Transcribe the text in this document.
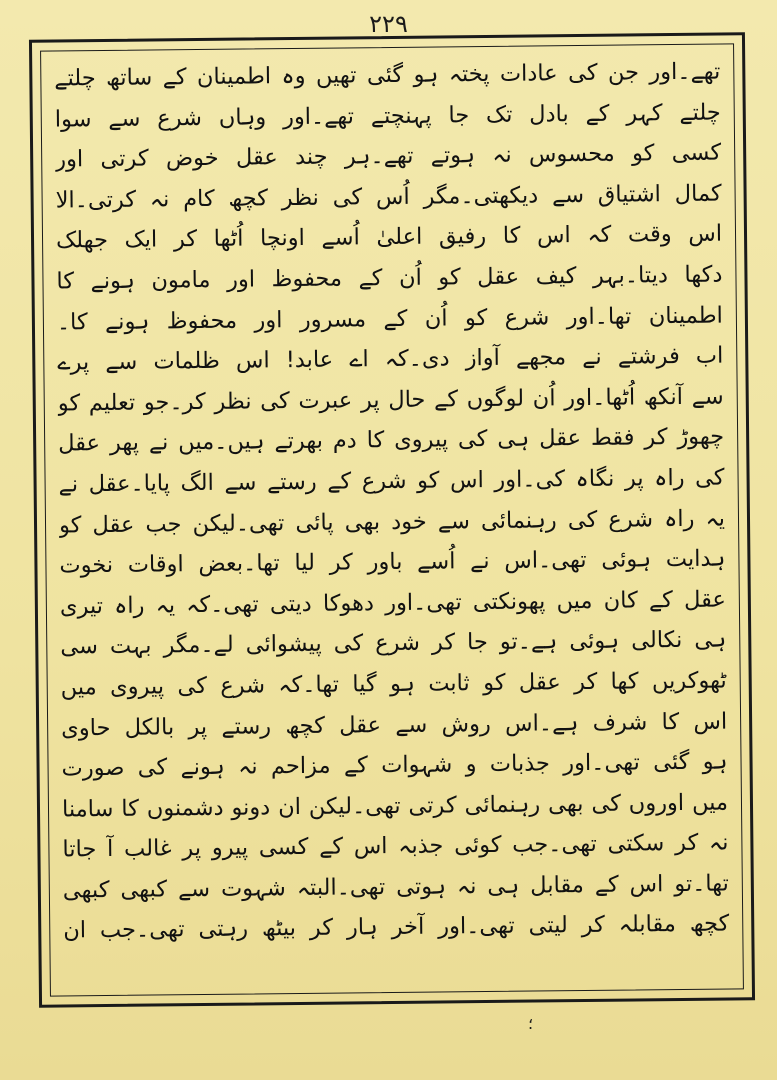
۲۲۹
تھے۔اور جن کی عادات پختہ ہو گئی تھیں وہ اطمینان کے ساتھ چلتے
چلتے کہر کے بادل تک جا پہنچتے تھے۔اور وہاں شرع سے سوا
کسی کو محسوس نہ ہوتے تھے۔ہر چند عقل خوض کرتی اور
کمال اشتیاق سے دیکھتی۔مگر اُس کی نظر کچھ کام نہ کرتی۔الا
اس وقت کہ اس کا رفیق اعلیٰ اُسے اونچا اُٹھا کر ایک جھلک
دکھا دیتا۔بہر کیف عقل کو اُن کے محفوظ اور مامون ہونے کا
اطمینان تھا۔اور شرع کو اُن کے مسرور اور محفوظ ہونے کا۔
اب فرشتے نے مجھے آواز دی۔کہ اے عابد! اس ظلمات سے پرے
سے آنکھ اُٹھا۔اور اُن لوگوں کے حال پر عبرت کی نظر کر۔جو تعلیم کو
چھوڑ کر فقط عقل ہی کی پیروی کا دم بھرتے ہیں۔میں نے پھر عقل
کی راہ پر نگاہ کی۔اور اس کو شرع کے رستے سے الگ پایا۔عقل نے
یہ راہ شرع کی رہنمائی سے خود بھی پائی تھی۔لیکن جب عقل کو
ہدایت ہوئی تھی۔اس نے اُسے باور کر لیا تھا۔بعض اوقات نخوت
عقل کے کان میں پھونکتی تھی۔اور دھوکا دیتی تھی۔کہ یہ راہ تیری
ہی نکالی ہوئی ہے۔تو جا کر شرع کی پیشوائی لے۔مگر بہت سی
ٹھوکریں کھا کر عقل کو ثابت ہو گیا تھا۔کہ شرع کی پیروی میں
اس کا شرف ہے۔اس روش سے عقل کچھ رستے پر بالکل حاوی
ہو گئی تھی۔اور جذبات و شہوات کے مزاحم نہ ہونے کی صورت
میں اوروں کی بھی رہنمائی کرتی تھی۔لیکن ان دونو دشمنوں کا سامنا
نہ کر سکتی تھی۔جب کوئی جذبہ اس کے کسی پیرو پر غالب آ جاتا
تھا۔تو اس کے مقابل ہی نہ ہوتی تھی۔البتہ شہوت سے کبھی کبھی
کچھ مقابلہ کر لیتی تھی۔اور آخر ہار کر بیٹھ رہتی تھی۔جب ان
؛
